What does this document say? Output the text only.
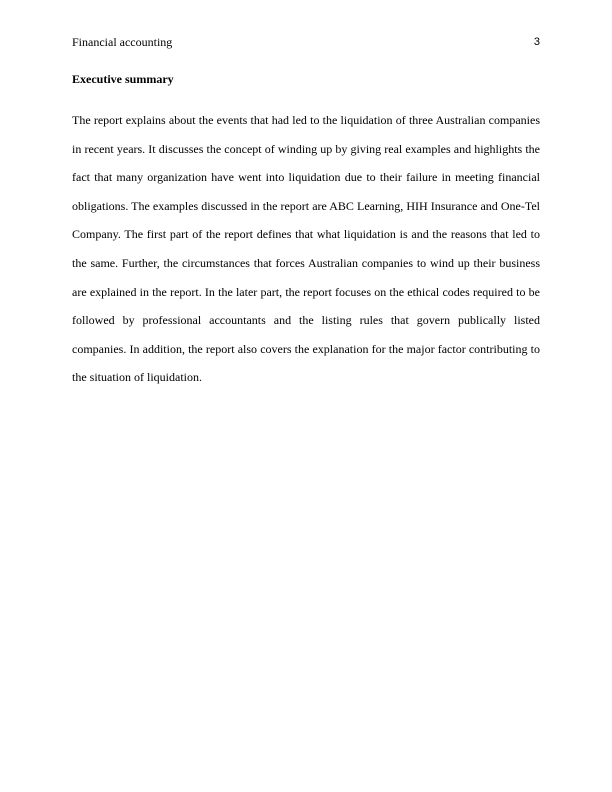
Financial accounting	3
Executive summary

The report explains about the events that had led to the liquidation of three Australian companies in recent years. It discusses the concept of winding up by giving real examples and highlights the fact that many organization have went into liquidation due to their failure in meeting financial obligations. The examples discussed in the report are ABC Learning, HIH Insurance and One-Tel Company. The first part of the report defines that what liquidation is and the reasons that led to the same. Further, the circumstances that forces Australian companies to wind up their business are explained in the report. In the later part, the report focuses on the ethical codes required to be followed by professional accountants and the listing rules that govern publically listed companies. In addition, the report also covers the explanation for the major factor contributing to the situation of liquidation.
